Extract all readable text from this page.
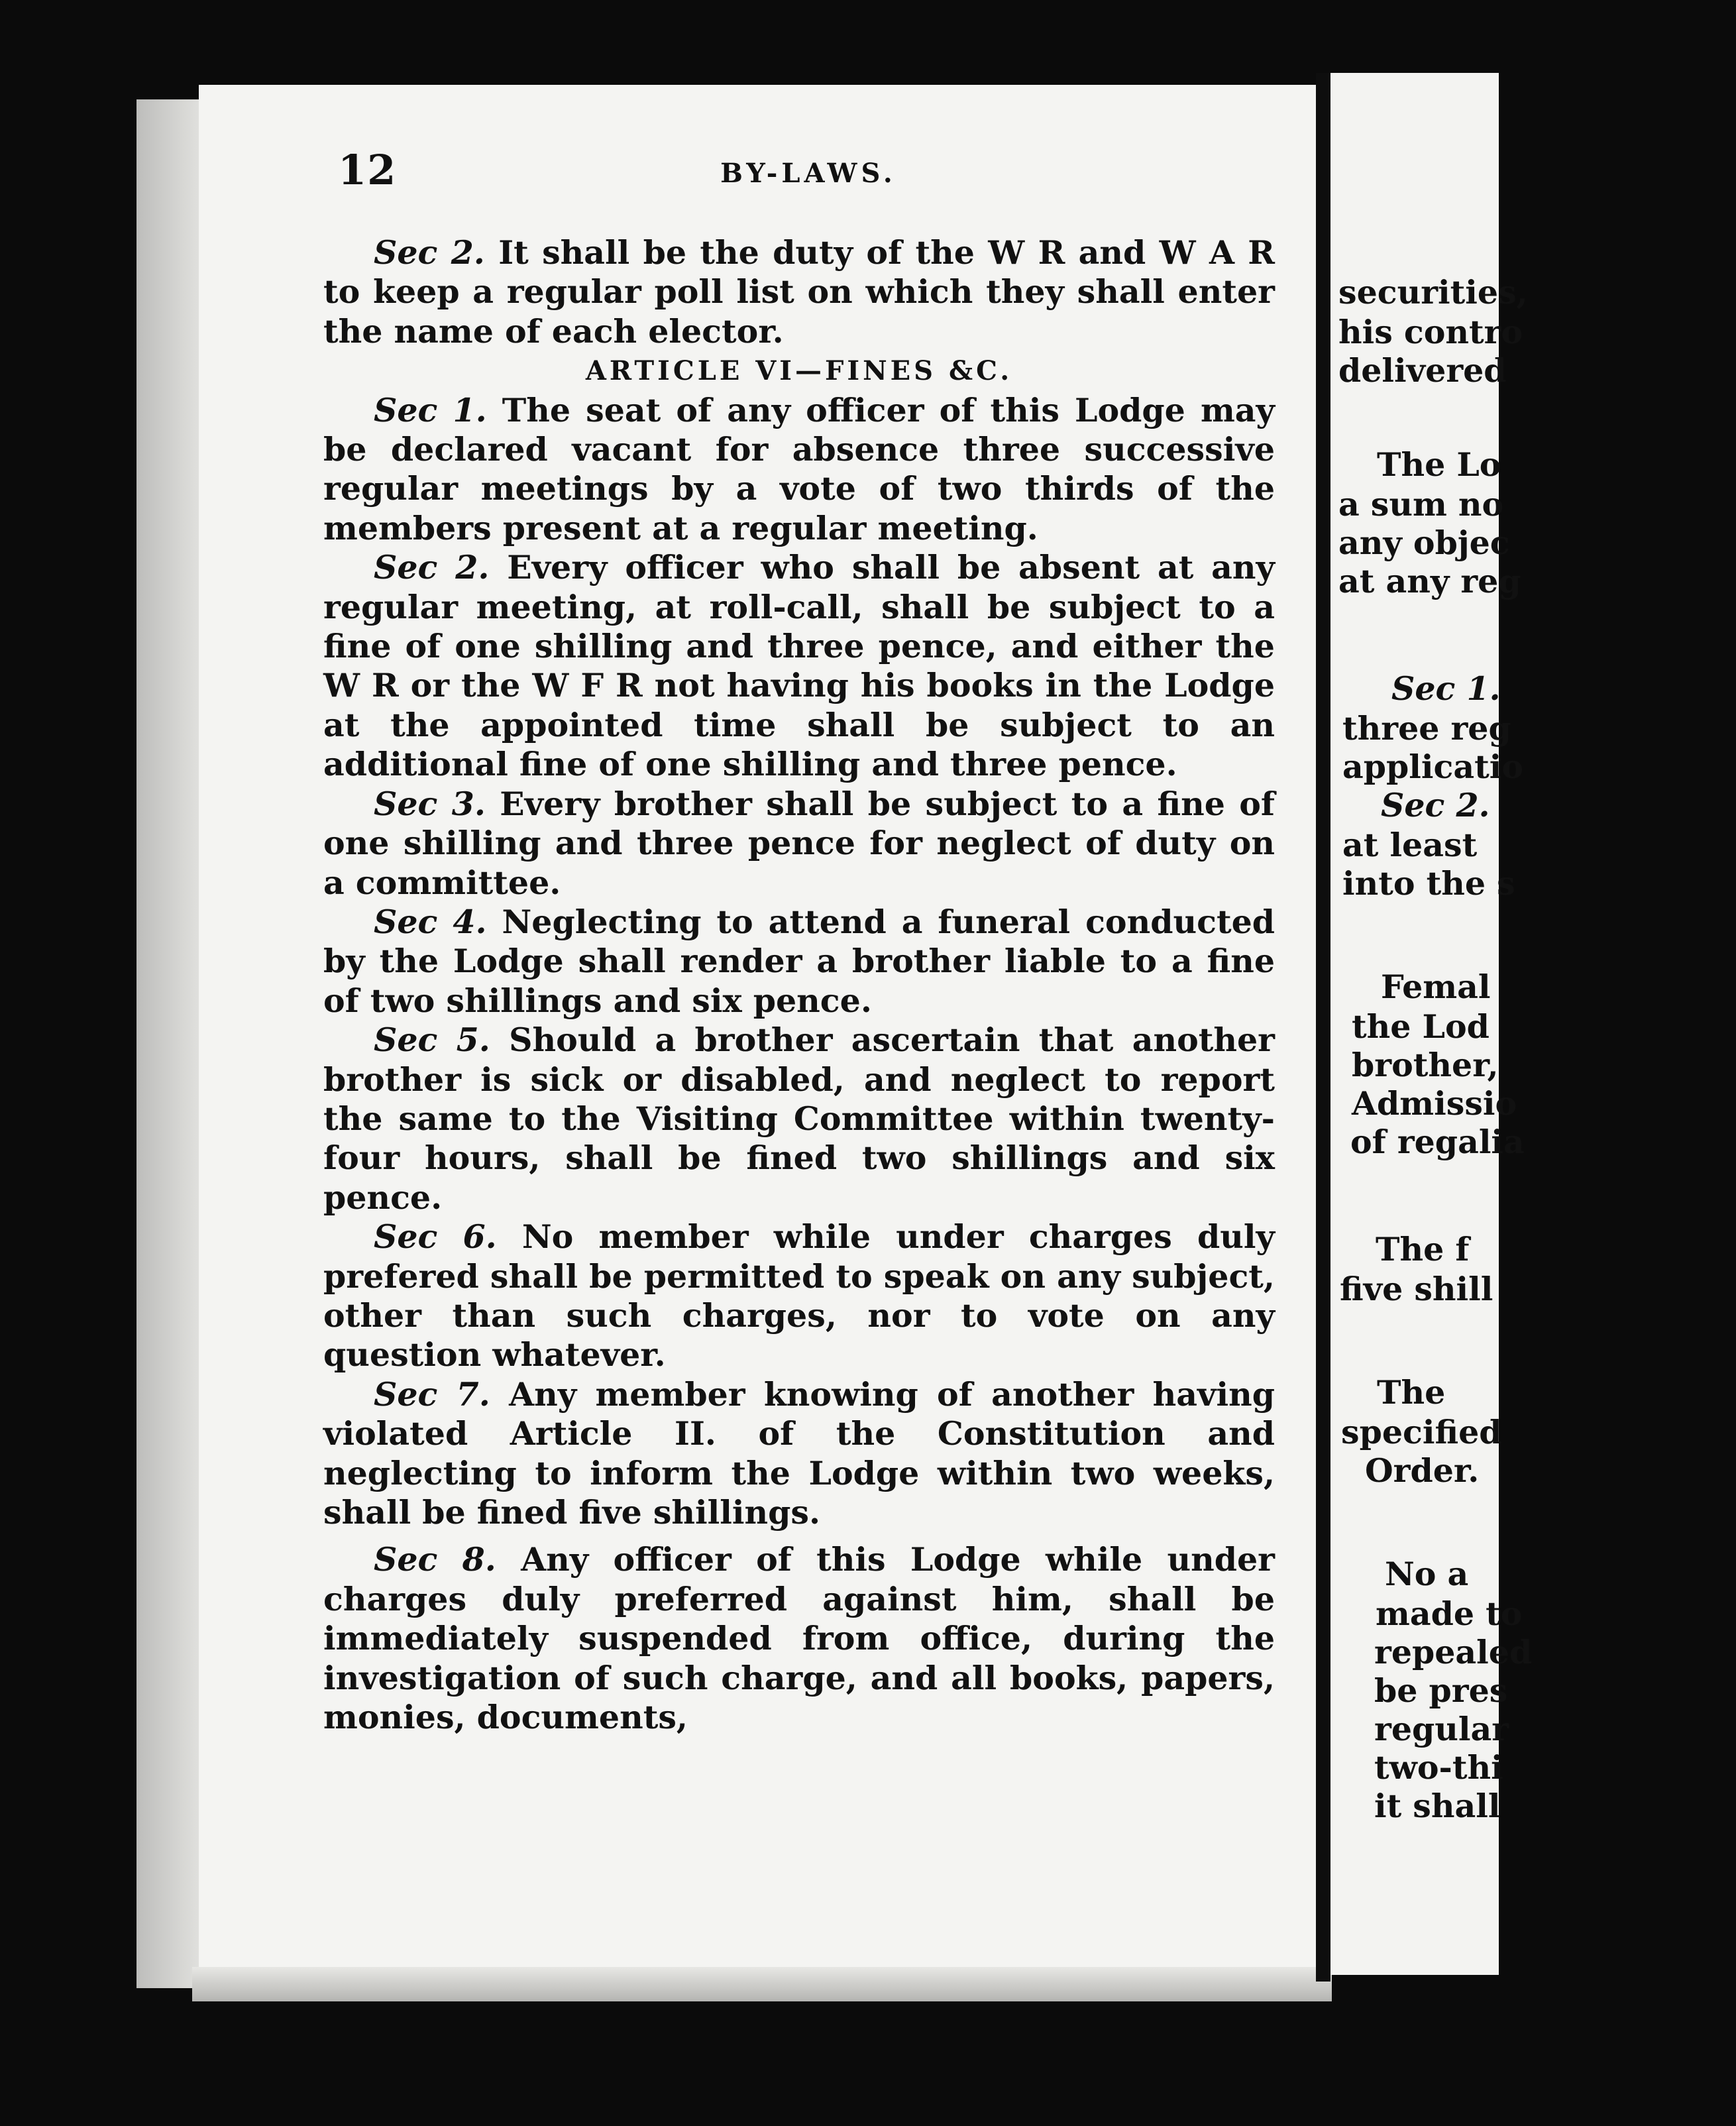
12	BY-LAWS.

Sec 2. It shall be the duty of the W R and W A R to keep a regular poll list on which they shall enter the name of each elector.

ARTICLE VI—FINES &C.

Sec 1. The seat of any officer of this Lodge may be declared vacant for absence three successive regular meetings by a vote of two thirds of the members present at a regular meeting.

Sec 2. Every officer who shall be absent at any regular meeting, at roll-call, shall be subject to a fine of one shilling and three pence, and either the W R or the W F R not having his books in the Lodge at the appointed time shall be subject to an additional fine of one shilling and three pence.

Sec 3. Every brother shall be subject to a fine of one shilling and three pence for neglect of duty on a committee.

Sec 4. Neglecting to attend a funeral conducted by the Lodge shall render a brother liable to a fine of two shillings and six pence.

Sec 5. Should a brother ascertain that another brother is sick or disabled, and neglect to report the same to the Visiting Committee within twenty-four hours, shall be fined two shillings and six pence.

Sec 6. No member while under charges duly prefered shall be permitted to speak on any subject, other than such charges, nor to vote on any question whatever.

Sec 7. Any member knowing of another having violated Article II. of the Constitution and neglecting to inform the Lodge within two weeks, shall be fined five shillings.

Sec 8. Any officer of this Lodge while under charges duly preferred against him, shall be immediately suspended from office, during the investigation of such charge, and all books, papers, monies, documents,

securities,
his contro
delivered
The Lo
a sum no
any objec
at any reg
Sec 1.
three reg
applicatio
Sec 2.
at least
into the s
Femal
the Lod
brother,
Admissio
of regalia
The f
five shill
The
specified
Order.
No a
made to
repealed
be pres
regular
two-thi
it shall
